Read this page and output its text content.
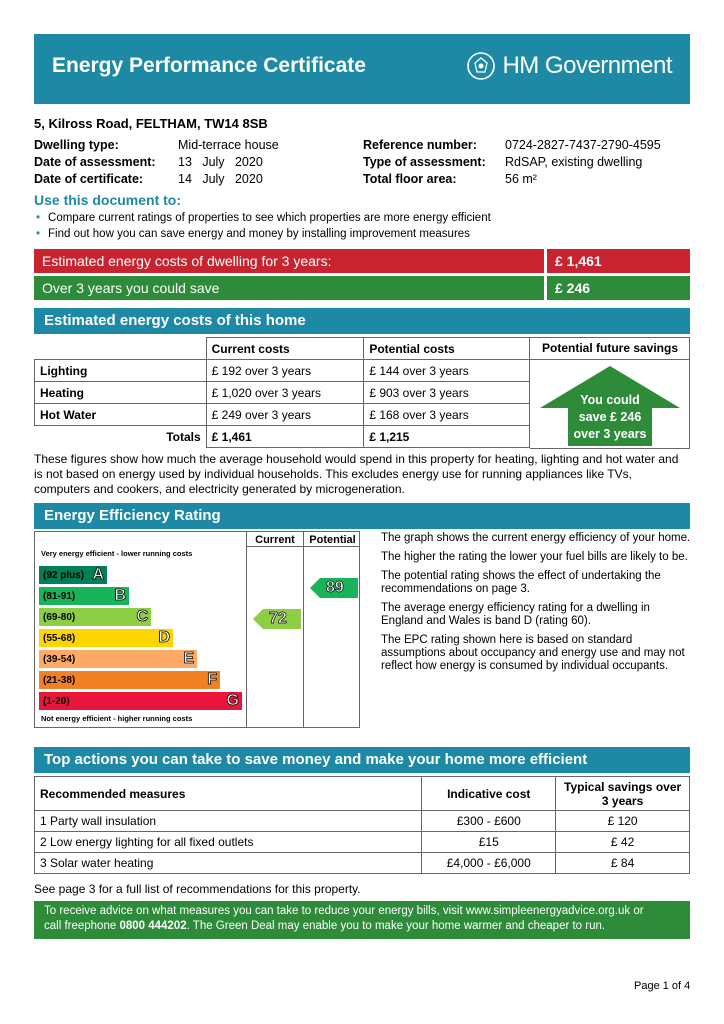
Energy Performance Certificate	HM Government
5, Kilross Road, FELTHAM, TW14 8SB
Dwelling type:	Mid-terrace house
Date of assessment: 13   July   2020
Date of certificate:	14   July   2020
Reference number: 0724-2827-7437-2790-4595
Type of assessment: RdSAP, existing dwelling
Total floor area:	56 m²
Use this document to:
• Compare current ratings of properties to see which properties are more energy efficient
• Find out how you can save energy and money by installing improvement measures
Estimated energy costs of dwelling for 3 years:	£ 1,461
Over 3 years you could save	£ 246
Estimated energy costs of this home
	Current costs	Potential costs
Lighting	£ 192 over 3 years	£ 144 over 3 years
Heating	£ 1,020 over 3 years	£ 903 over 3 years
Hot Water	£ 249 over 3 years	£ 168 over 3 years
Totals	£ 1,461	£ 1,215
Potential future savings
You could
save £ 246
over 3 years
These figures show how much the average household would spend in this property for heating, lighting and hot water and is not based on energy used by individual households. This excludes energy use for running appliances like TVs, computers and cookers, and electricity generated by microgeneration.
Energy Efficiency Rating
Current	Potential
Very energy efficient - lower running costs
(92 plus) A
(81-91) B
(69-80)	C
(55-68)	D
(39-54)	E
(21-38)	F
(1-20)	G
Not energy efficient - higher running costs
72
89

The graph shows the current energy efficiency of your home.

The higher the rating the lower your fuel bills are likely to be.

The potential rating shows the effect of undertaking the recommendations on page 3.

The average energy efficiency rating for a dwelling in England and Wales is band D (rating 60).

The EPC rating shown here is based on standard assumptions about occupancy and energy use and may not reflect how energy is consumed by individual occupants.

Top actions you can take to save money and make your home more efficient
Recommended measures	Indicative cost	Typical savings over 3 years
1 Party wall insulation	£300 - £600	£ 120
2 Low energy lighting for all fixed outlets	£15	£ 42
3 Solar water heating	£4,000 - £6,000	£ 84
See page 3 for a full list of recommendations for this property.
To receive advice on what measures you can take to reduce your energy bills, visit www.simpleenergyadvice.org.uk or
call freephone 0800 444202. The Green Deal may enable you to make your home warmer and cheaper to run.
Page 1 of 4
